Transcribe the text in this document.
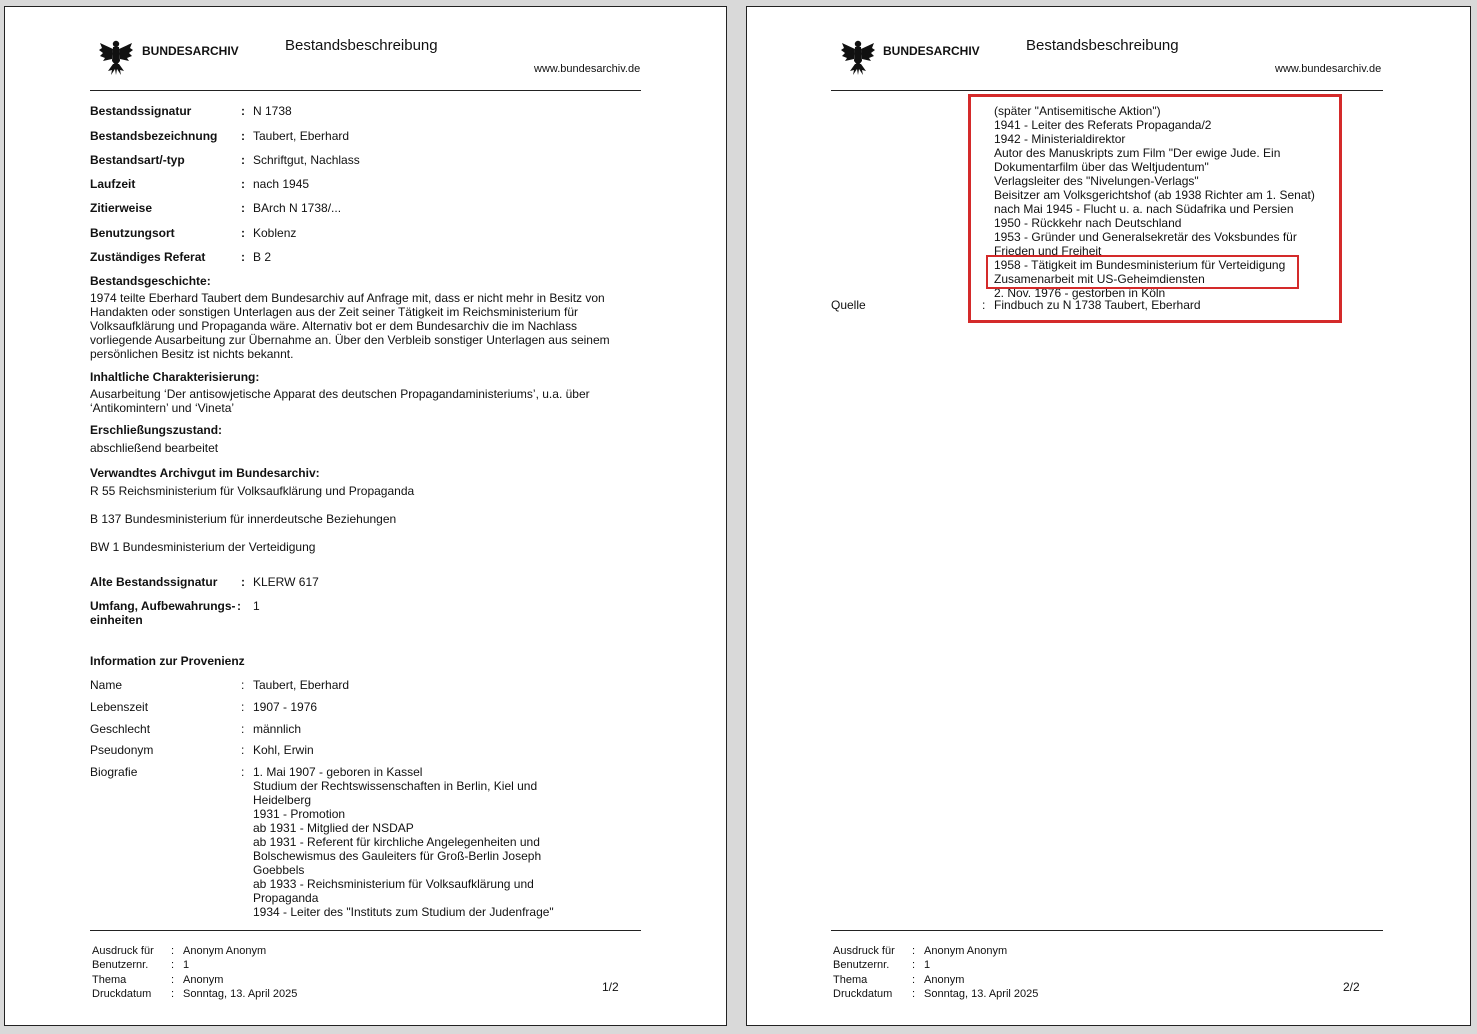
BUNDESARCHIV	Bestandsbeschreibung
www.bundesarchiv.de
Bestandssignatur	: N 1738
Bestandsbezeichnung : Taubert, Eberhard
Bestandsart/-typ	: Schriftgut, Nachlass
Laufzeit	: nach 1945
Zitierweise	: BArch N 1738/...
Benutzungsort	: Koblenz
Zuständiges Referat	: B 2
Bestandsgeschichte:
1974 teilte Eberhard Taubert dem Bundesarchiv auf Anfrage mit, dass er nicht mehr in Besitz von
Handakten oder sonstigen Unterlagen aus der Zeit seiner Tätigkeit im Reichsministerium für
Volksaufklärung und Propaganda wäre. Alternativ bot er dem Bundesarchiv die im Nachlass
vorliegende Ausarbeitung zur Übernahme an. Über den Verbleib sonstiger Unterlagen aus seinem
persönlichen Besitz ist nichts bekannt.
Inhaltliche Charakterisierung:
Ausarbeitung ‘Der antisowjetische Apparat des deutschen Propagandaministeriums’, u.a. über
‘Antikomintern’ und ‘Vineta’
Erschließungszustand:
abschließend bearbeitet
Verwandtes Archivgut im Bundesarchiv:
R 55 Reichsministerium für Volksaufklärung und Propaganda
B 137 Bundesministerium für innerdeutsche Beziehungen
BW 1 Bundesministerium der Verteidigung
Alte Bestandssignatur : KLERW 617
Umfang, Aufbewahrungs-
einheiten
: 1
Information zur Provenienz
Name	: Taubert, Eberhard
Lebenszeit	: 1907 - 1976
Geschlecht	: männlich
Pseudonym	: Kohl, Erwin
Biografie	: 1. Mai 1907 - geboren in Kassel
Studium der Rechtswissenschaften in Berlin, Kiel und
Heidelberg
1931 - Promotion
ab 1931 - Mitglied der NSDAP
ab 1931 - Referent für kirchliche Angelegenheiten und
Bolschewismus des Gauleiters für Groß-Berlin Joseph
Goebbels
ab 1933 - Reichsministerium für Volksaufklärung und
Propaganda
1934 - Leiter des "Instituts zum Studium der Judenfrage"
Ausdruck für : Anonym Anonym
Benutzernr. : 1
Thema	: Anonym
Druckdatum : Sonntag, 13. April 2025	1/2
BUNDESARCHIV	Bestandsbeschreibung
www.bundesarchiv.de
(später "Antisemitische Aktion")
1941 - Leiter des Referats Propaganda/2
1942 - Ministerialdirektor
Autor des Manuskripts zum Film "Der ewige Jude. Ein
Dokumentarfilm über das Weltjudentum"
Verlagsleiter des "Nivelungen-Verlags"
Beisitzer am Volksgerichtshof (ab 1938 Richter am 1. Senat)
nach Mai 1945 - Flucht u. a. nach Südafrika und Persien
1950 - Rückkehr nach Deutschland
1953 - Gründer und Generalsekretär des Voksbundes für
Frieden und Freiheit
1958 - Tätigkeit im Bundesministerium für Verteidigung
Zusamenarbeit mit US-Geheimdiensten
2. Nov. 1976 - gestorben in Köln
Quelle	: Findbuch zu N 1738 Taubert, Eberhard
Ausdruck für : Anonym Anonym
Benutzernr. : 1
Thema	: Anonym
Druckdatum : Sonntag, 13. April 2025	2/2
